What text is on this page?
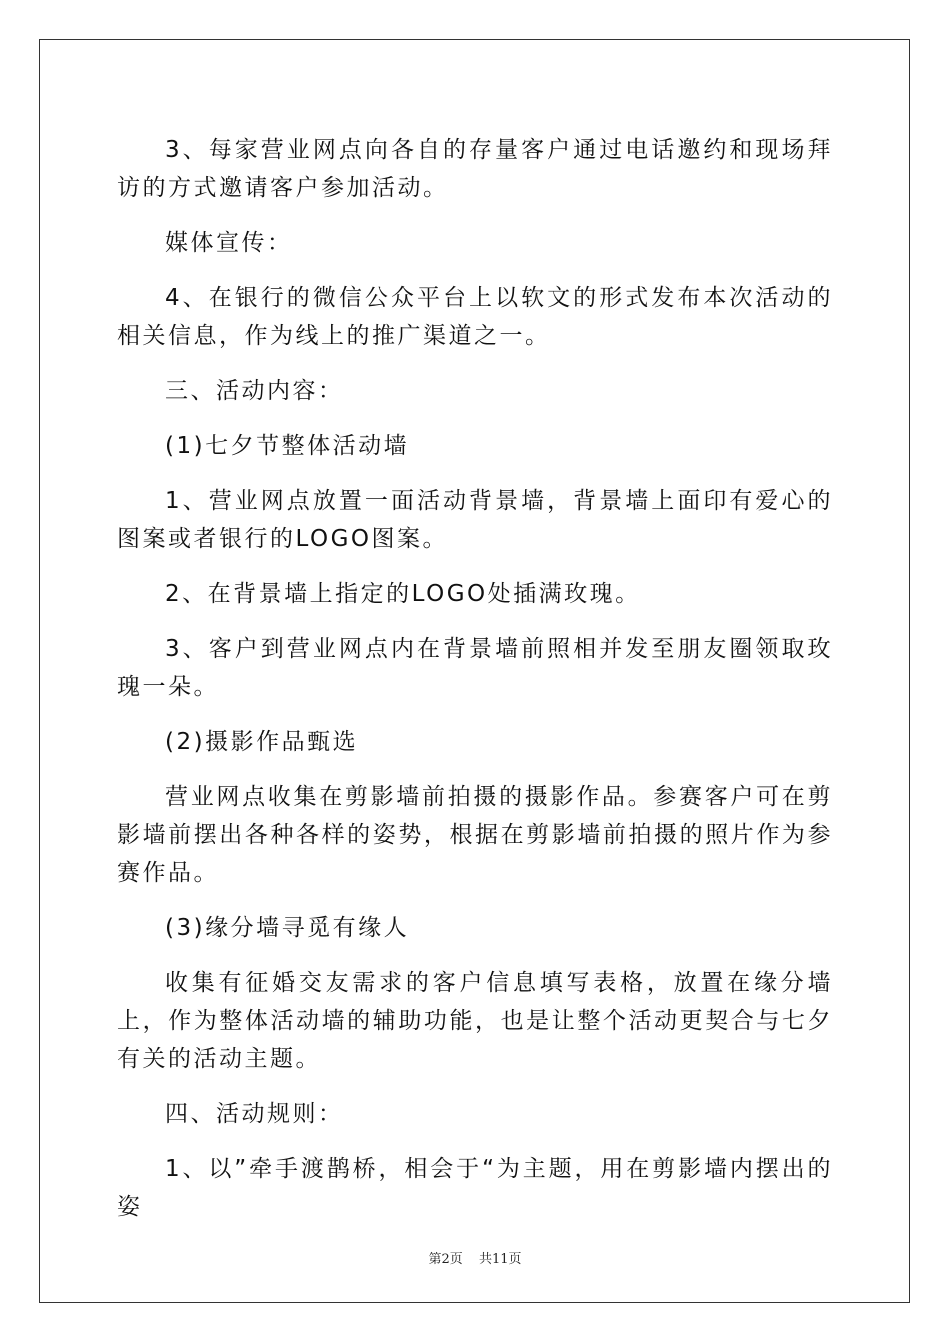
3、每家营业网点向各自的存量客户通过电话邀约和现场拜访的方式邀请客户参加活动。

媒体宣传：

4、在银行的微信公众平台上以软文的形式发布本次活动的相关信息，作为线上的推广渠道之一。

三、活动内容：

(1)七夕节整体活动墙

1、营业网点放置一面活动背景墙，背景墙上面印有爱心的图案或者银行的LOGO图案。

2、在背景墙上指定的LOGO处插满玫瑰。

3、客户到营业网点内在背景墙前照相并发至朋友圈领取玫瑰一朵。

(2)摄影作品甄选

营业网点收集在剪影墙前拍摄的摄影作品。参赛客户可在剪影墙前摆出各种各样的姿势，根据在剪影墙前拍摄的照片作为参赛作品。

(3)缘分墙寻觅有缘人

收集有征婚交友需求的客户信息填写表格，放置在缘分墙上，作为整体活动墙的辅助功能，也是让整个活动更契合与七夕有关的活动主题。

四、活动规则：

1、以”牵手渡鹊桥，相会于“为主题，用在剪影墙内摆出的姿

第2页 共11页
